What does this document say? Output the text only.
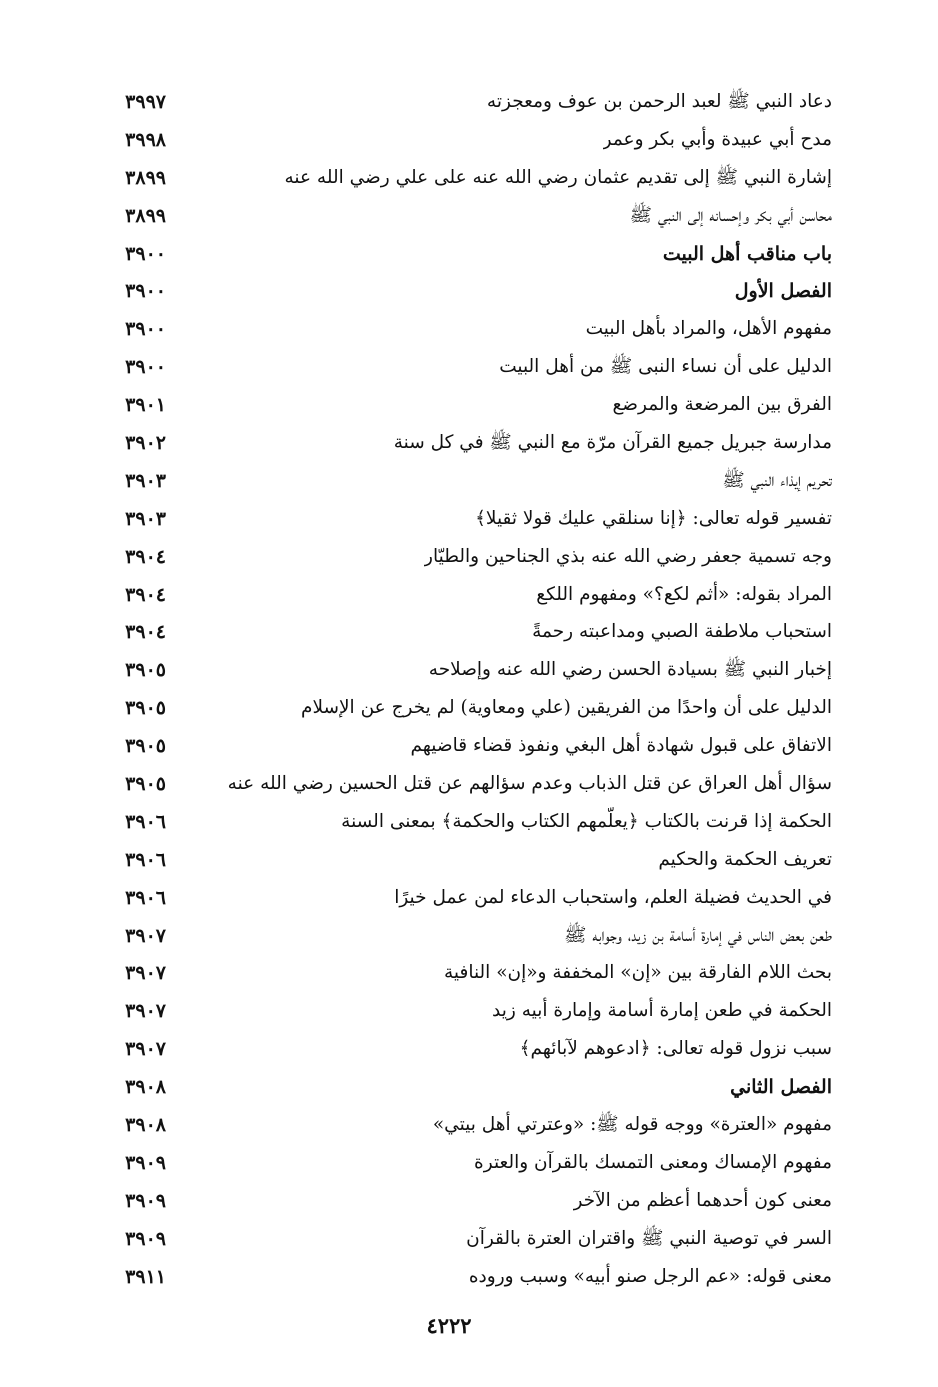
دعاد النبي ﷺ لعبد الرحمن بن عوف ومعجزته
٣٩٩٧
مدح أبي عبيدة وأبي بكر وعمر
٣٩٩٨
إشارة النبي ﷺ إلى تقديم عثمان رضي الله عنه على علي رضي الله عنه
٣٨٩٩
محاسن أبي بكر وإحسانه إلى النبي ﷺ
٣٨٩٩
باب مناقب أهل البيت
٣٩٠٠
الفصل الأول
٣٩٠٠
مفهوم الأهل، والمراد بأهل البيت
٣٩٠٠
الدليل على أن نساء النبى ﷺ من أهل البيت
٣٩٠٠
الفرق بين المرضعة والمرضع
٣٩٠١
مدارسة جبريل جميع القرآن مرّة مع النبي ﷺ في كل سنة
٣٩٠٢
تحريم إيذاء النبي ﷺ
٣٩٠٣
تفسير قوله تعالى: ﴿إنا سنلقي عليك قولا ثقيلا﴾
٣٩٠٣
وجه تسمية جعفر رضي الله عنه بذي الجناحين والطيّار
٣٩٠٤
المراد بقوله: «أثم لكع؟» ومفهوم اللكع
٣٩٠٤
استحباب ملاطفة الصبي ومداعبته رحمةً
٣٩٠٤
إخبار النبي ﷺ بسيادة الحسن رضي الله عنه وإصلاحه
٣٩٠٥
الدليل على أن واحدًا من الفريقين (علي ومعاوية) لم يخرج عن الإسلام
٣٩٠٥
الاتفاق على قبول شهادة أهل البغي ونفوذ قضاء قاضيهم
٣٩٠٥
سؤال أهل العراق عن قتل الذباب وعدم سؤالهم عن قتل الحسين رضي الله عنه
٣٩٠٥
الحكمة إذا قرنت بالكتاب ﴿يعلّمهم الكتاب والحكمة﴾ بمعنى السنة
٣٩٠٦
تعريف الحكمة والحكيم
٣٩٠٦
في الحديث فضيلة العلم، واستحباب الدعاء لمن عمل خيرًا
٣٩٠٦
طعن بعض الناس في إمارة أسامة بن زيد، وجوابه ﷺ
٣٩٠٧
بحث اللام الفارقة بين «إن» المخففة و«إن» النافية
٣٩٠٧
الحكمة في طعن إمارة أسامة وإمارة أبيه زيد
٣٩٠٧
سبب نزول قوله تعالى: ﴿ادعوهم لآبائهم﴾
٣٩٠٧
الفصل الثاني
٣٩٠٨
مفهوم «العترة» ووجه قوله ﷺ: «وعترتي أهل بيتي»
٣٩٠٨
مفهوم الإمساك ومعنى التمسك بالقرآن والعترة
٣٩٠٩
معنى كون أحدهما أعظم من الآخر
٣٩٠٩
السر في توصية النبي ﷺ واقتران العترة بالقرآن
٣٩٠٩
معنى قوله: «عم الرجل صنو أبيه» وسبب وروده
٣٩١١
٤٢٢٢
